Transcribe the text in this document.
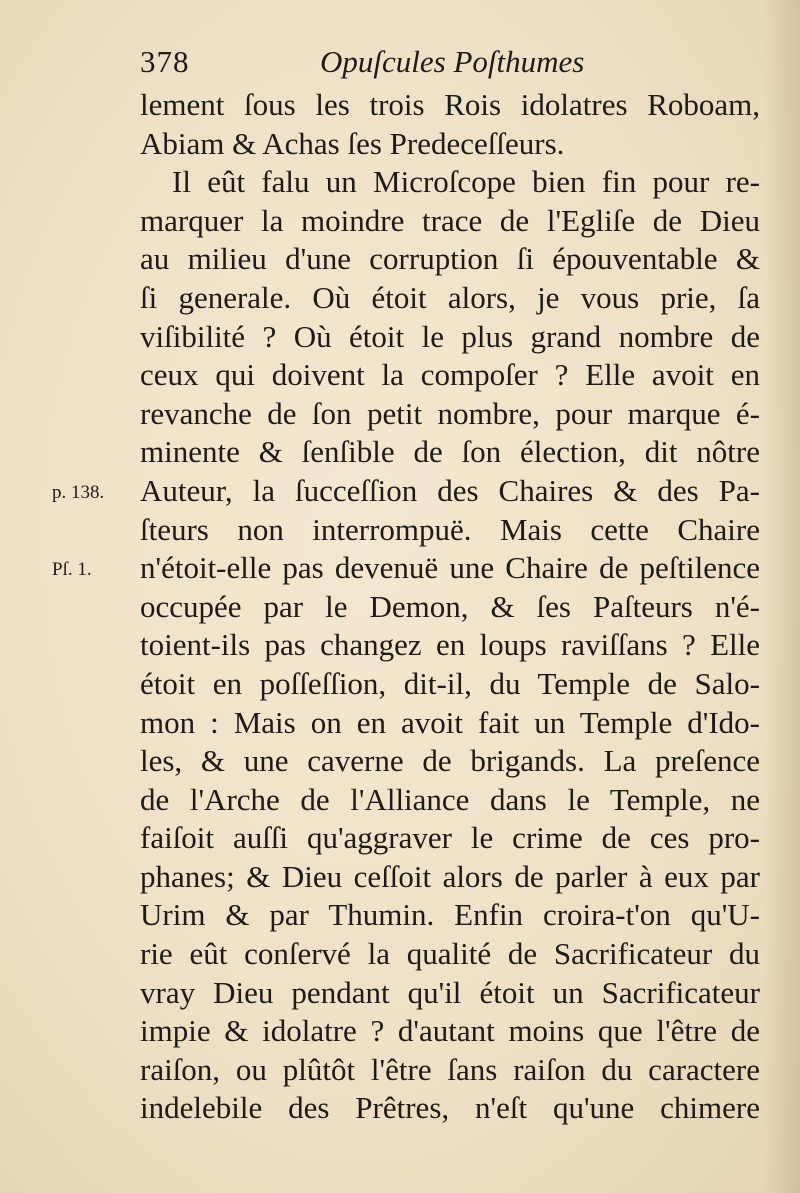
378	Opuſcules Poſthumes
p. 138.
Pſ. 1.
lement ſous les trois Rois idolatres Roboam,
Abiam & Achas ſes Predeceſſeurs.
Il eût falu un Microſcope bien fin pour re-
marquer la moindre trace de l'Egliſe de Dieu
au milieu d'une corruption ſi épouventable &
ſi generale. Où étoit alors, je vous prie, ſa
viſibilité ? Où étoit le plus grand nombre de
ceux qui doivent la compoſer ? Elle avoit en
revanche de ſon petit nombre, pour marque é-
minente & ſenſible de ſon élection, dit nôtre
Auteur, la ſucceſſion des Chaires & des Pa-
ſteurs non interrompuë. Mais cette Chaire
n'étoit-elle pas devenuë une Chaire de peſtilence
occupée par le Demon, & ſes Paſteurs n'é-
toient-ils pas changez en loups raviſſans ? Elle
étoit en poſſeſſion, dit-il, du Temple de Salo-
mon : Mais on en avoit fait un Temple d'Ido-
les, & une caverne de brigands. La preſence
de l'Arche de l'Alliance dans le Temple, ne
faiſoit auſſi qu'aggraver le crime de ces pro-
phanes; & Dieu ceſſoit alors de parler à eux par
Urim & par Thumin. Enfin croira-t'on qu'U-
rie eût conſervé la qualité de Sacrificateur du
vray Dieu pendant qu'il étoit un Sacrificateur
impie & idolatre ? d'autant moins que l'être de
raiſon, ou plûtôt l'être ſans raiſon du caractere
indelebile des Prêtres, n'eſt qu'une chimere
